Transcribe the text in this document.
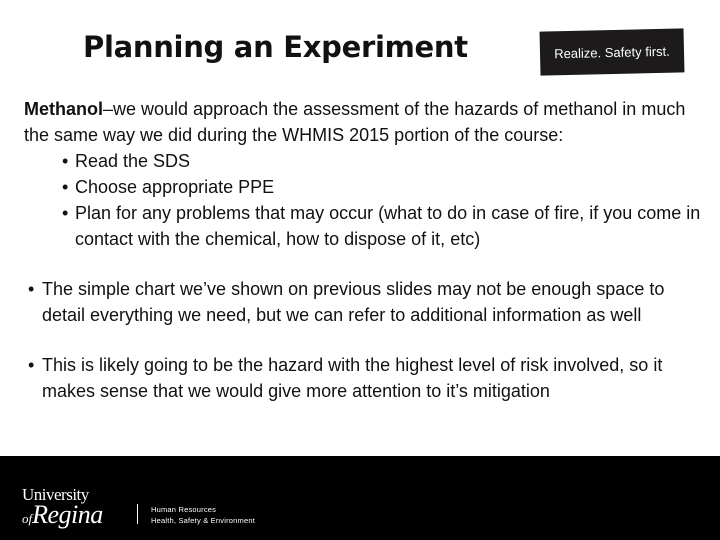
Planning an Experiment	Realize. Safety first.

Methanol–we would approach the assessment of the hazards of methanol in much the same way we did during the WHMIS 2015 portion of the course:

• Read the SDS
• Choose appropriate PPE
• Plan for any problems that may occur (what to do in case of fire, if you come in contact with the chemical, how to dispose of it, etc)

• The simple chart we’ve shown on previous slides may not be enough space to detail everything we need, but we can refer to additional information as well

• This is likely going to be the hazard with the highest level of risk involved, so it makes sense that we would give more attention to it’s mitigation

University
ofRegina	Human Resources
Health, Safety & Environment
